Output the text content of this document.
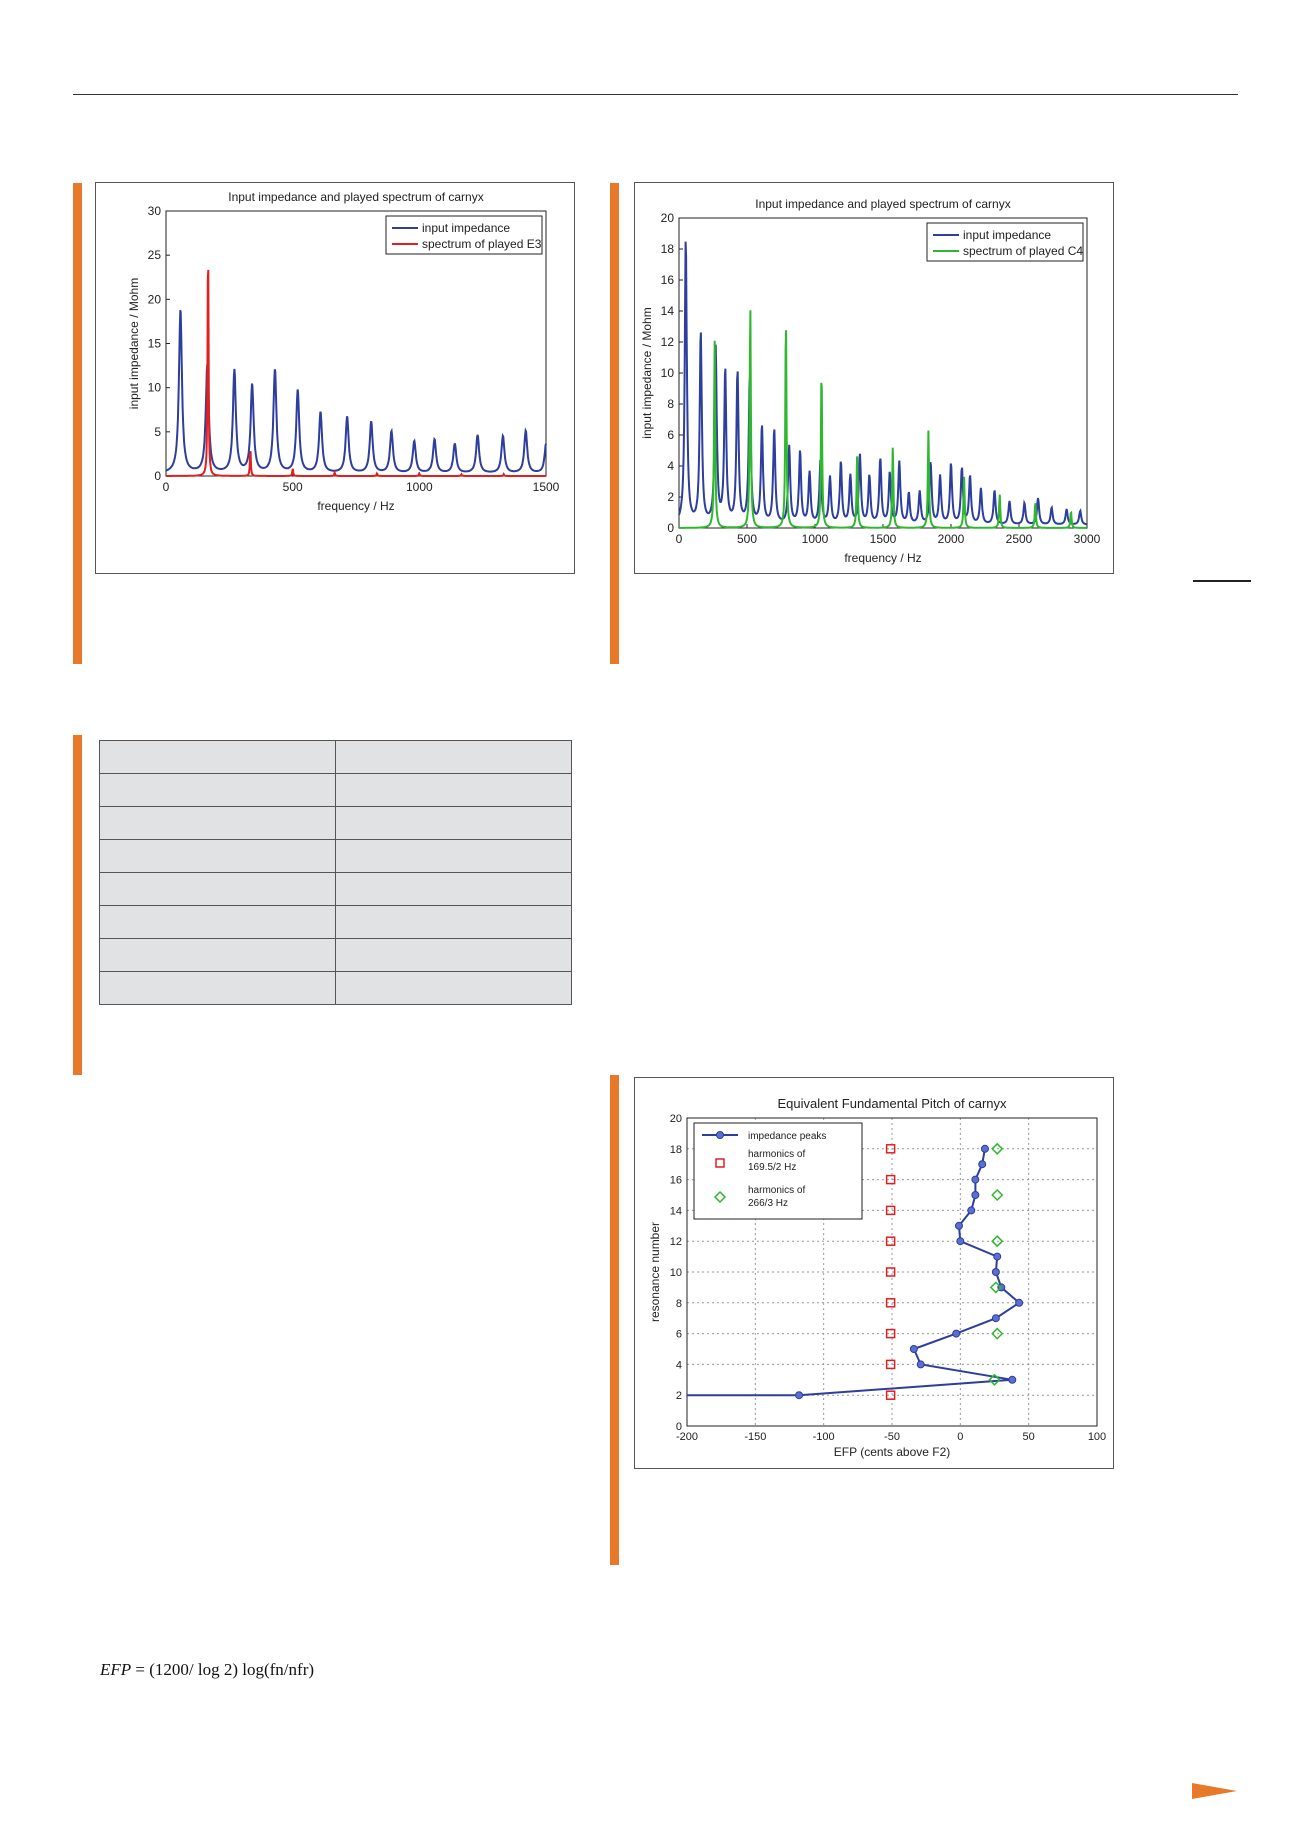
Input impedance and played spectrum of carnyx
frequency / Hz
input impedance / Mohm
0	500	1000	1500
0
5
10
15
20
25
30
input impedance
spectrum of played E3
Input impedance and played spectrum of carnyx
frequency / Hz
input impedance / Mohm
0	500	1000	1500	2000	2500	3000
0
2
4
6
8
10
12
14
16
18
20
input impedance
spectrum of played C4
-200	-150	-100	-50	0	50	100
0
2
4
6
8
10
12
14
16
18
20
Equivalent Fundamental Pitch of carnyx
EFP (cents above F2)
resonance number
impedance peaks
harmonics of
169.5/2 Hz
harmonics of
266/3 Hz

EFP = (1200/ log 2) log(fn/nfr)
